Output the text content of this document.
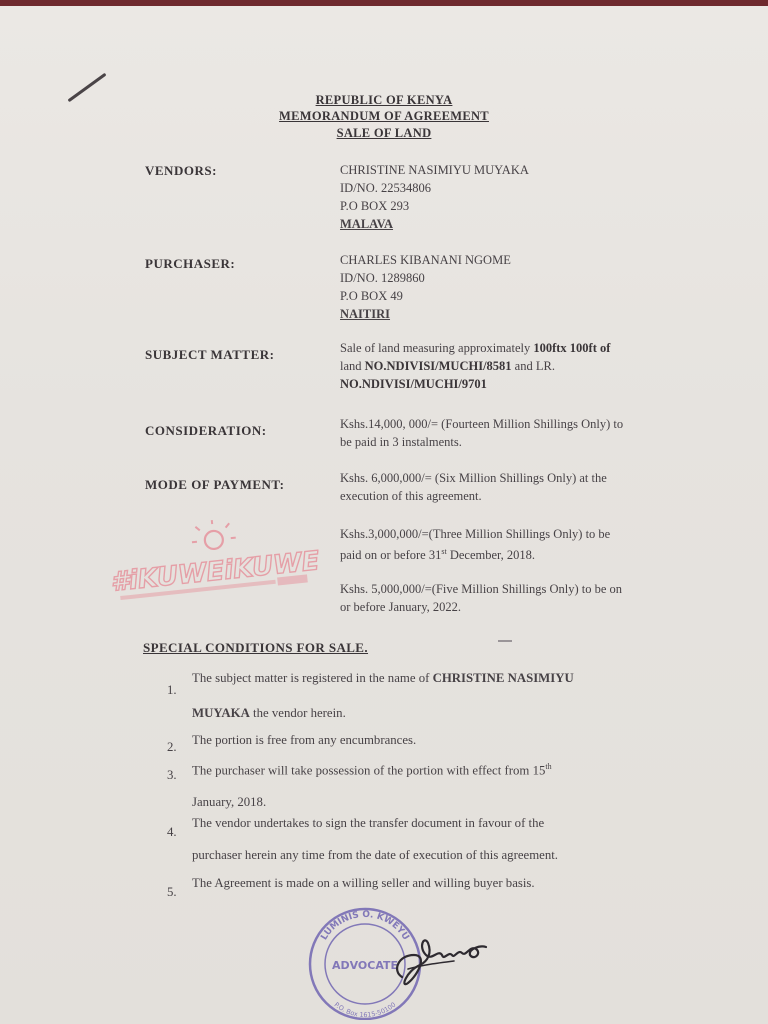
REPUBLIC OF KENYA
MEMORANDUM OF AGREEMENT
SALE OF LAND
VENDORS:	CHRISTINE NASIMIYU MUYAKA
ID/NO. 22534806
P.O BOX 293
MALAVA
PURCHASER:	CHARLES KIBANANI NGOME
ID/NO. 1289860
P.O BOX 49
NAITIRI
SUBJECT MATTER:	Sale of land measuring approximately 100ftx 100ft of
land NO.NDIVISI/MUCHI/8581 and LR.
NO.NDIVISI/MUCHI/9701
CONSIDERATION:	Kshs.14,000, 000/= (Fourteen Million Shillings Only) to
be paid in 3 instalments.
MODE OF PAYMENT:	Kshs. 6,000,000/= (Six Million Shillings Only) at the
execution of this agreement.
Kshs.3,000,000/=(Three Million Shillings Only) to be
paid on or before 31st December, 2018.
Kshs. 5,000,000/=(Five Million Shillings Only) to be on
or before January, 2022.
#iKUWEiKUWE
SPECIAL CONDITIONS FOR SALE.
1.
The subject matter is registered in the name of CHRISTINE NASIMIYU
MUYAKA the vendor herein.
2. The portion is free from any encumbrances.
3. The purchaser will take possession of the portion with effect from 15th
January, 2018.
4.
The vendor undertakes to sign the transfer document in favour of the
purchaser herein any time from the date of execution of this agreement.
5.
The Agreement is made on a willing seller and willing buyer basis.
LUMINIS O. KWEYU
P.O. Box 1615-50100
ADVOCATE
